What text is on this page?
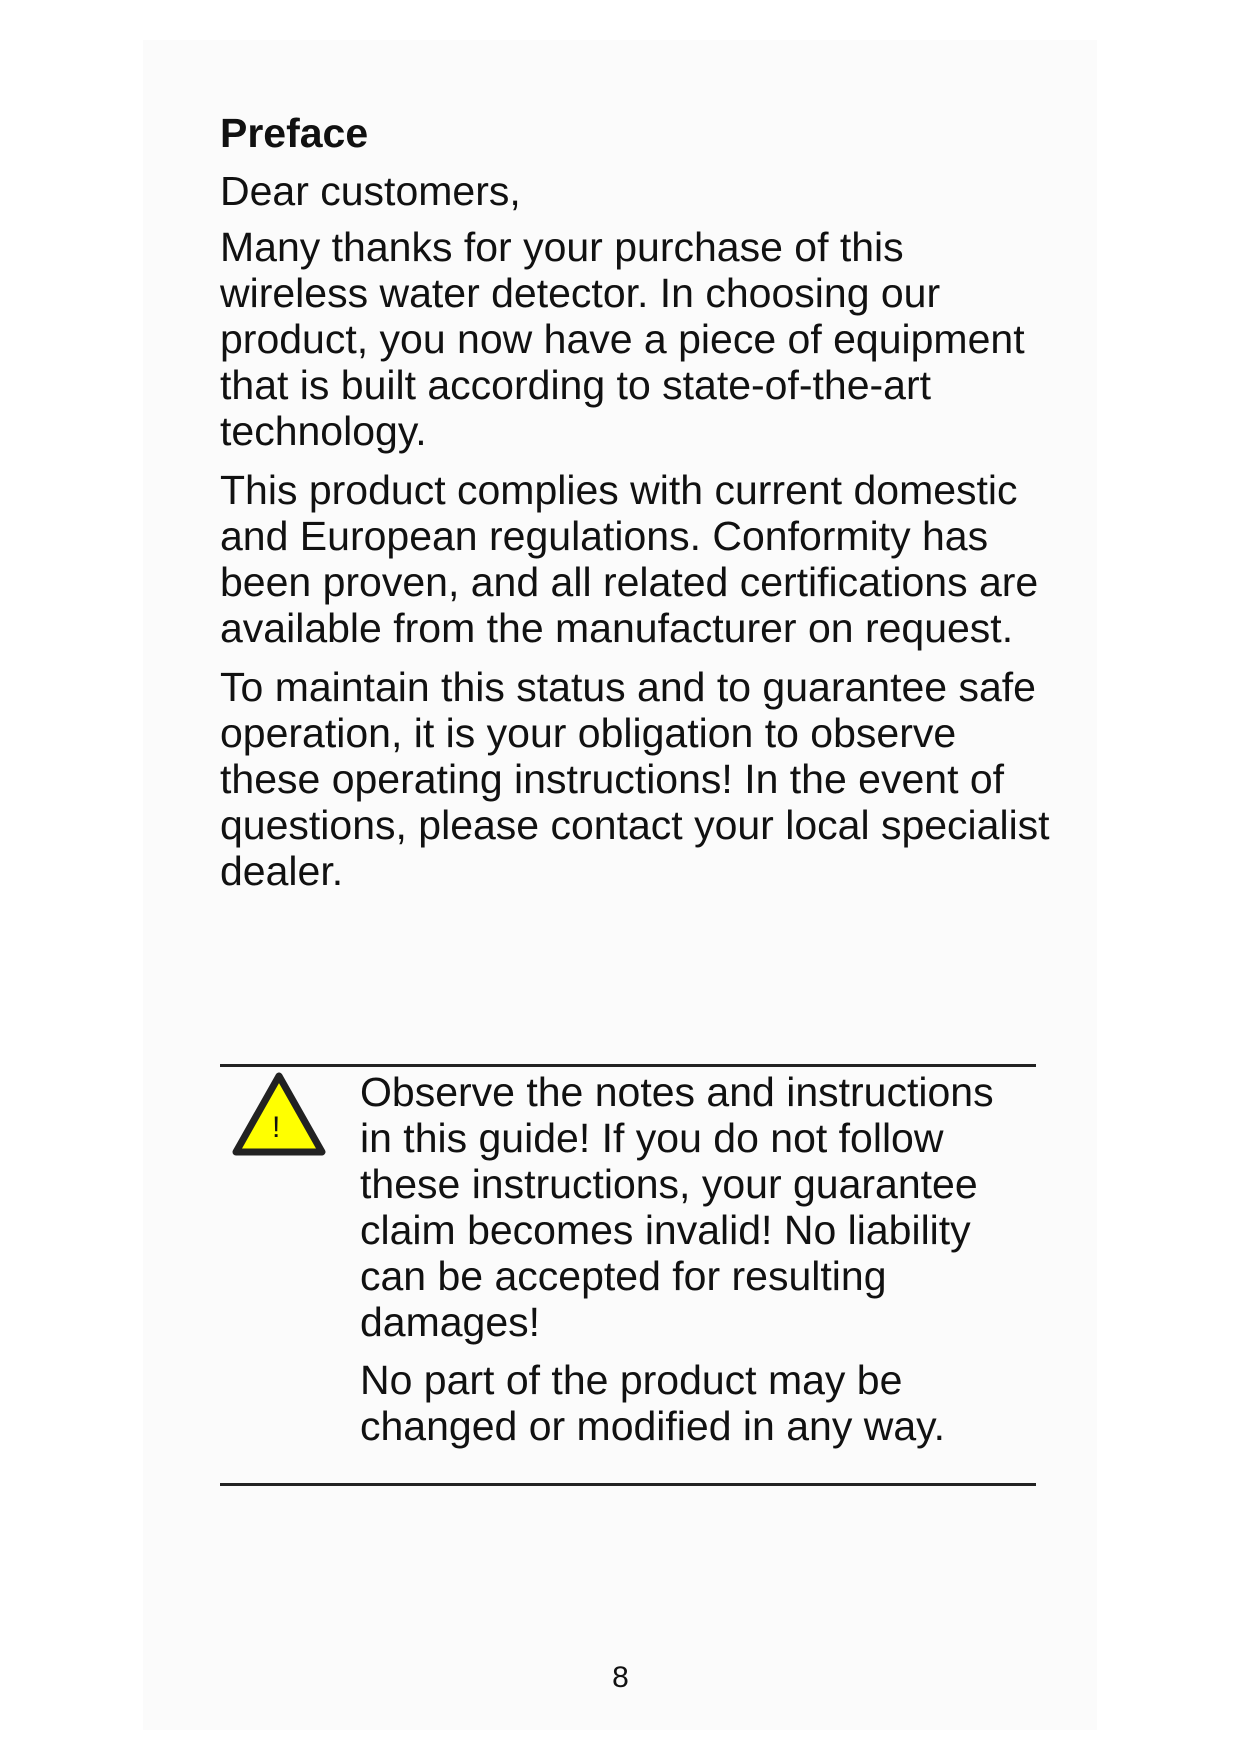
Preface
Dear customers,
Many thanks for your purchase of this wireless water detector. In choosing our product, you now have a piece of equipment that is built according to state-of-the-art technology.
This product complies with current domestic and European regulations. Conformity has been proven, and all related certifications are available from the manufacturer on request.
To maintain this status and to guarantee safe operation, it is your obligation to observe these operating instructions! In the event of questions, please contact your local specialist dealer.
!
Observe the notes and instructions in this guide! If you do not follow these instructions, your guarantee claim becomes invalid! No liability can be accepted for resulting damages!
No part of the product may be changed or modified in any way.
8
